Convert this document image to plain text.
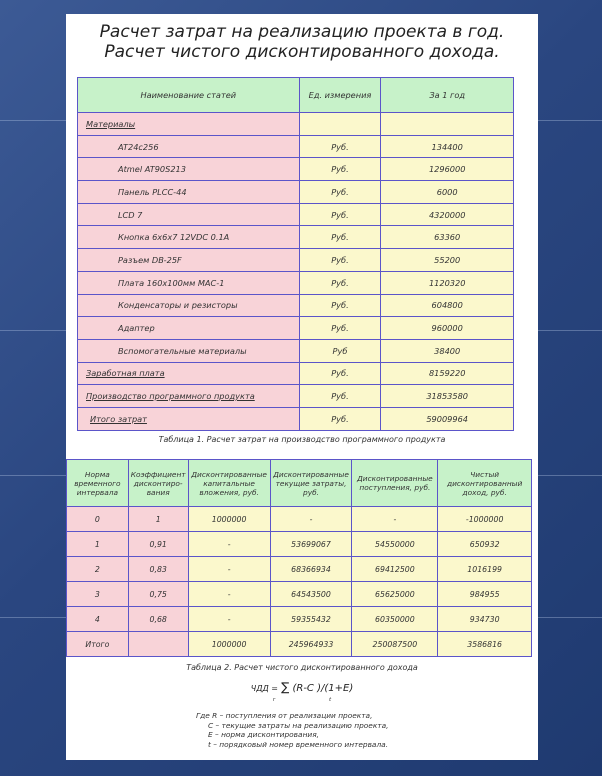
Расчет затрат на реализацию проекта в год.
Расчет чистого дисконтированного дохода.
Наименование статей	Ед. измерения	За 1 год
Материалы		
AT24c256	Руб.	134400
Atmel AT90S213	Руб.	1296000
Панель PLCC-44	Руб.	6000
LCD 7	Руб.	4320000
Кнопка 6х6х7 12VDC 0.1A	Руб.	63360
Разъем DB-25F	Руб.	55200
Плата 160х100мм MAC-1	Руб.	1120320
Конденсаторы и резисторы	Руб.	604800
Адаптер	Руб.	960000
Вспомогательные материалы	Руб	38400
Заработная плата	Руб.	8159220
Производство программного продукта	Руб.	31853580
Итого затрат	Руб.	59009964
Таблица 1. Расчет затрат на производство программного продукта
Норма временного интервала	Коэффициент дисконтиро-вания	Дисконтированные капитальные вложения, руб.	Дисконтированные текущие затраты, руб.	Дисконтированные поступления, руб.	Чистый дисконтированный доход, руб.
0	1	1000000	-	-	-1000000
1	0,91	-	53699067	54550000	650932
2	0,83	-	68366934	69412500	1016199
3	0,75	-	64543500	65625000	984955
4	0,68	-	59355432	60350000	934730
Итого		1000000	245964933	250087500	3586816
Таблица 2. Расчет чистого дисконтированного дохода
ЧДД = ∑ (R-C )/(1+E)
г	t
Где R – поступления от реализации проекта,
C – текущие затраты на реализацию проекта,
E – норма дисконтирования,
t – порядковый номер временного интервала.
